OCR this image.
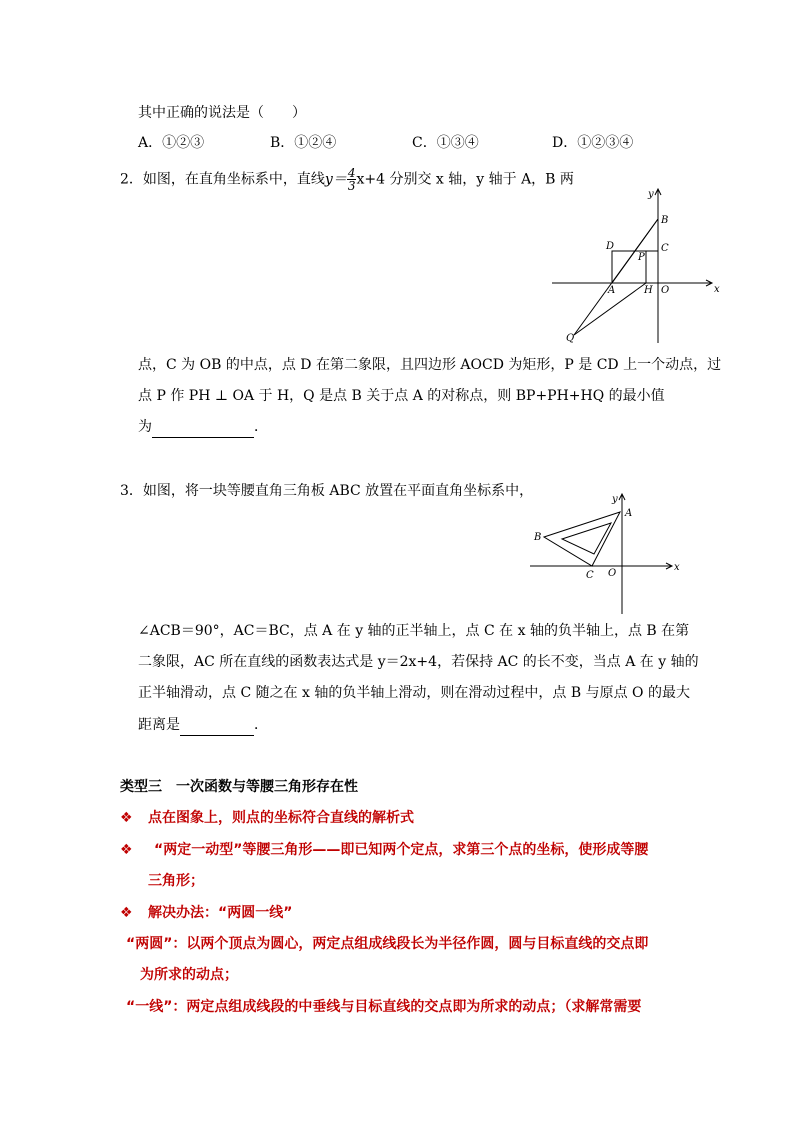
其中正确的说法是（　　）
A．①②③	B．①②④	C．①③④	D．①②③④
2．如图，在直角坐标系中，直线$y= \frac{4}{3} x+4$ 分别交 x 轴，y 轴于 A，B 两
x
y
B
C
D
P
A	H O
Q
点，C 为 OB 的中点，点 D 在第二象限，且四边形 AOCD 为矩形，P 是 CD 上一个动点，过
点 P 作 PH ⊥ OA 于 H，Q 是点 B 关于点 A 的对称点，则 BP+PH+HQ 的最小值
为	．
3．如图，将一块等腰直角三角板 ABC 放置在平面直角坐标系中，
A
B
C O
x
y
∠ACB＝90°，AC＝BC，点 A 在 y 轴的正半轴上，点 C 在 x 轴的负半轴上，点 B 在第
二象限，AC 所在直线的函数表达式是 y＝2x+4，若保持 AC 的长不变，当点 A 在 y 轴的
正半轴滑动，点 C 随之在 x 轴的负半轴上滑动，则在滑动过程中，点 B 与原点 O 的最大
距离是	．
类型三　一次函数与等腰三角形存在性
❖ 点在图象上，则点的坐标符合直线的解析式
❖ “两定一动型”等腰三角形——即已知两个定点，求第三个点的坐标，使形成等腰
三角形；
❖ 解决办法：“两圆一线”
“两圆”：以两个顶点为圆心，两定点组成线段长为半径作圆，圆与目标直线的交点即
为所求的动点；
“一线”：两定点组成线段的中垂线与目标直线的交点即为所求的动点；（求解常需要
